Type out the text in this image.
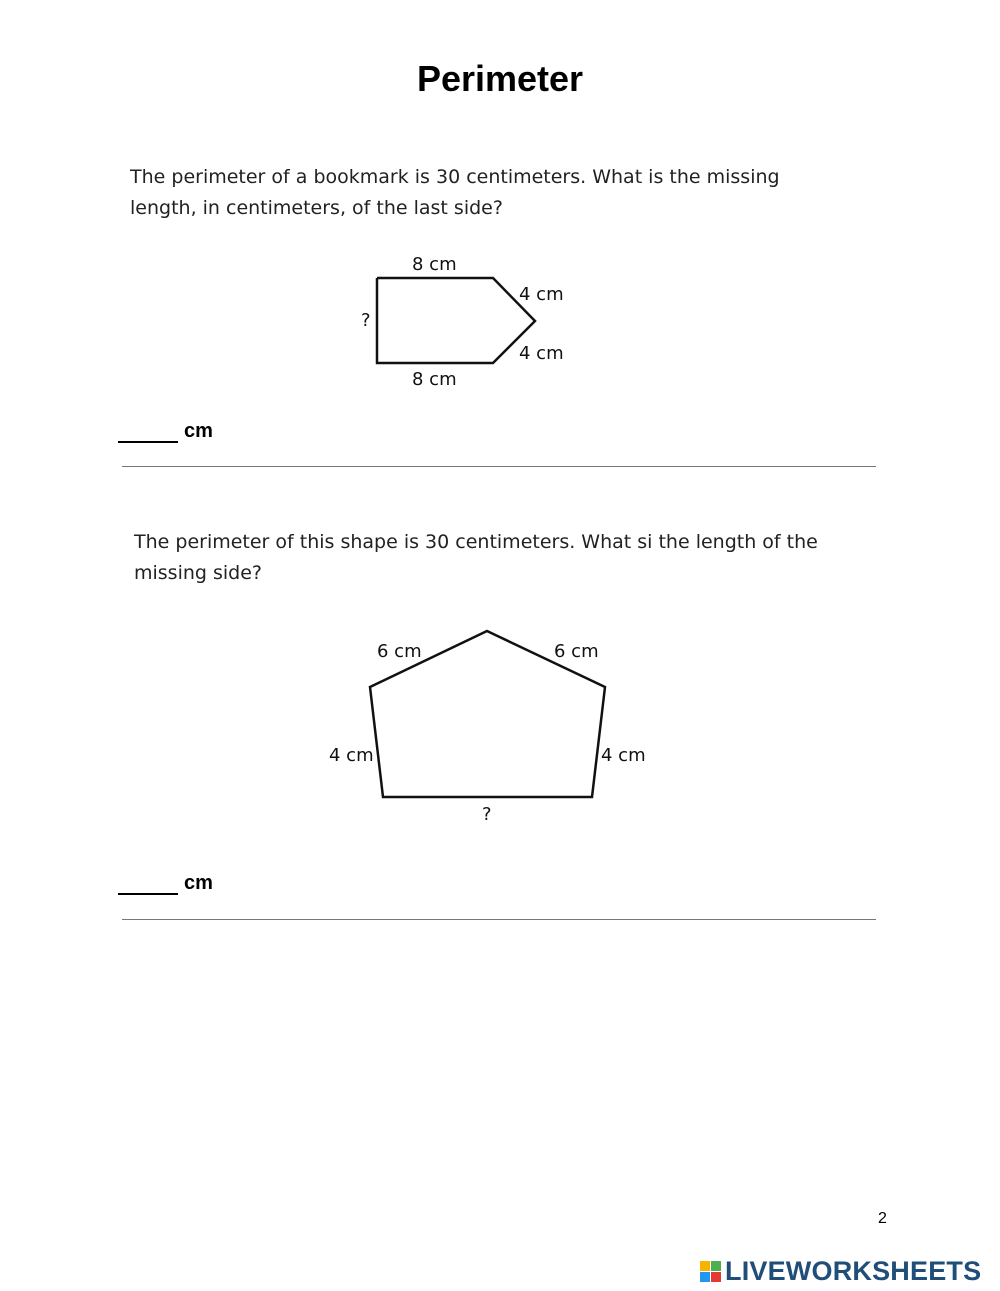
Perimeter
The perimeter of a bookmark is 30 centimeters. What is the missing length, in centimeters, of the last side?
8 cm
4 cm
4 cm
8 cm
?
cm
The perimeter of this shape is 30 centimeters. What si the length of the missing side?
6 cm	6 cm
4 cm	4 cm
?
cm
2
LIVEWORKSHEETS
